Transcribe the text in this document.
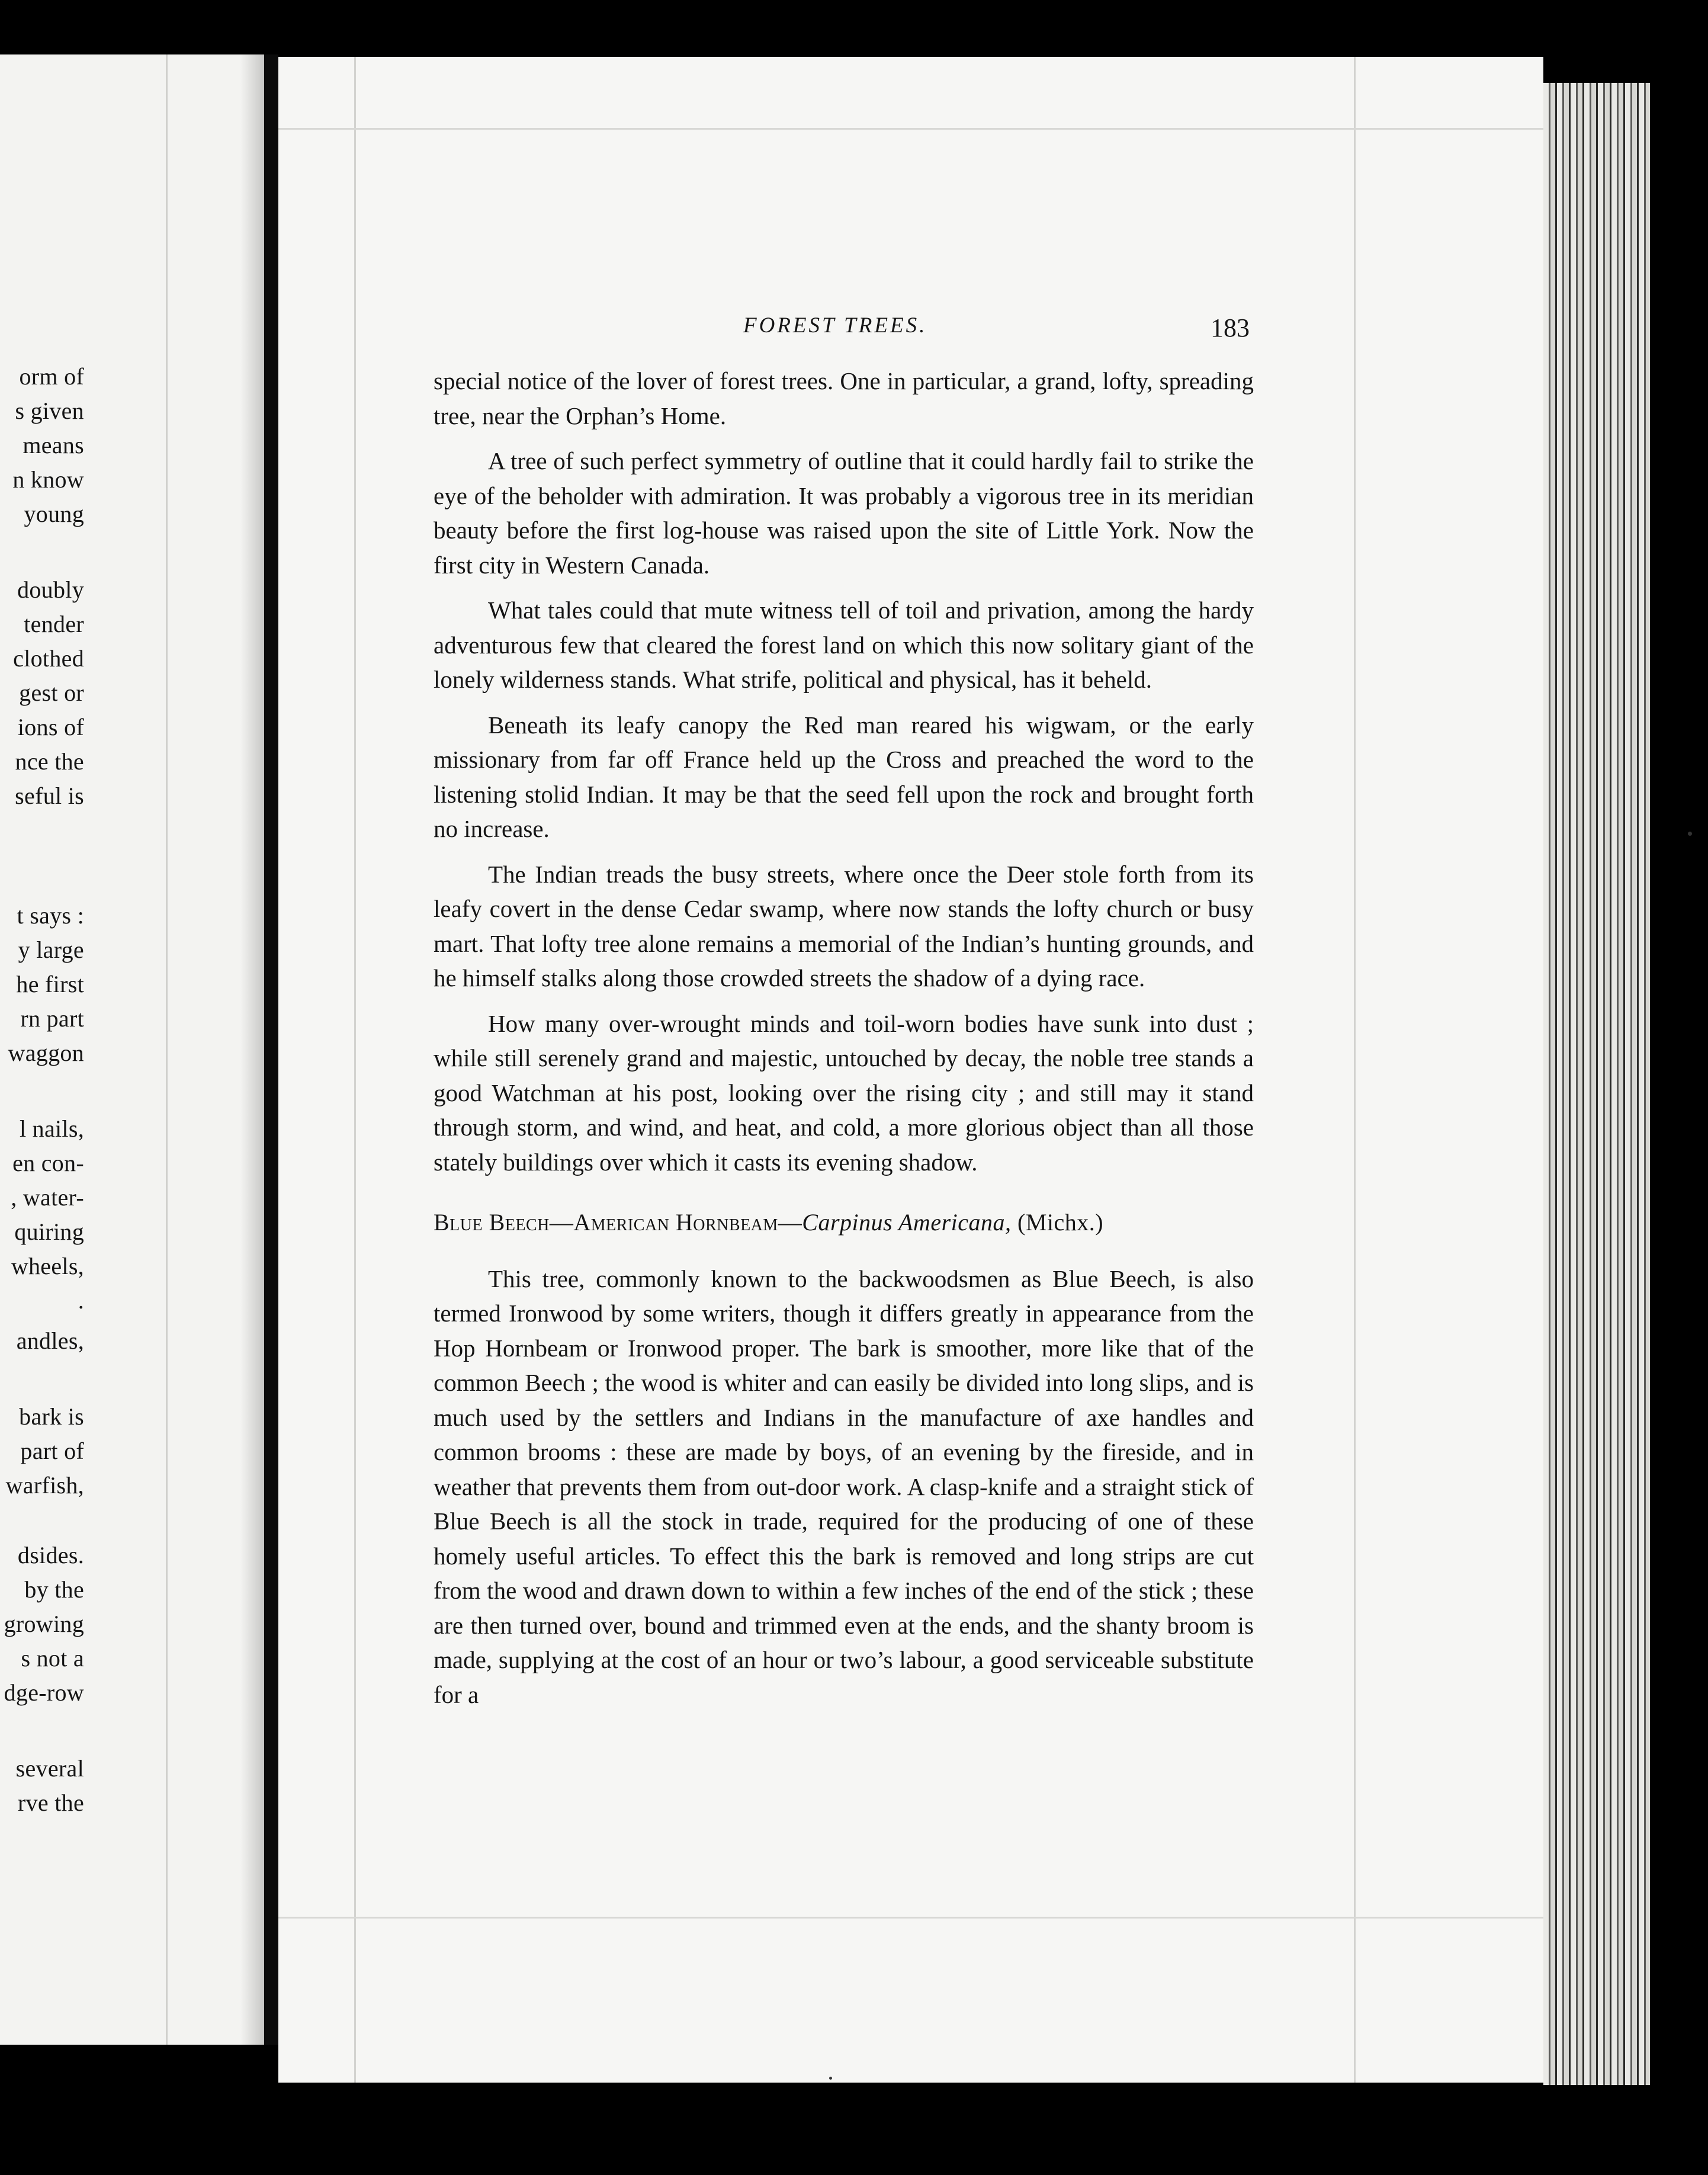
orm of
s given
means
n know
young
doubly
tender
clothed
gest or
ions of
nce the
seful is
t says :
y large
he first
rn part
waggon
l nails,
en con-
, water-
quiring
wheels,
.
andles,
bark is
part of
warfish,
dsides.
by the
growing
s not a
dge-row
several
rve the
FOREST TREES.	183

special notice of the lover of forest trees. One in particular, a grand, lofty, spreading tree, near the Orphan’s Home.

A tree of such perfect symmetry of outline that it could hardly fail to strike the eye of the beholder with admiration. It was probably a vigorous tree in its meridian beauty before the first log-house was raised upon the site of Little York. Now the first city in Western Canada.

What tales could that mute witness tell of toil and privation, among the hardy adventurous few that cleared the forest land on which this now solitary giant of the lonely wilderness stands. What strife, political and physical, has it beheld.

Beneath its leafy canopy the Red man reared his wigwam, or the early missionary from far off France held up the Cross and preached the word to the listening stolid Indian. It may be that the seed fell upon the rock and brought forth no increase.

The Indian treads the busy streets, where once the Deer stole forth from its leafy covert in the dense Cedar swamp, where now stands the lofty church or busy mart. That lofty tree alone remains a memorial of the Indian’s hunting grounds, and he himself stalks along those crowded streets the shadow of a dying race.

How many over-wrought minds and toil-worn bodies have sunk into dust ; while still serenely grand and majestic, untouched by decay, the noble tree stands a good Watchman at his post, looking over the rising city ; and still may it stand through storm, and wind, and heat, and cold, a more glorious object than all those stately buildings over which it casts its evening shadow.

Blue Beech—American Hornbeam—Carpinus Americana, (Michx.)

This tree, commonly known to the backwoodsmen as Blue Beech, is also termed Ironwood by some writers, though it differs greatly in appearance from the Hop Hornbeam or Ironwood proper. The bark is smoother, more like that of the common Beech ; the wood is whiter and can easily be divided into long slips, and is much used by the settlers and Indians in the manufacture of axe handles and common brooms : these are made by boys, of an evening by the fireside, and in weather that prevents them from out-door work. A clasp-knife and a straight stick of Blue Beech is all the stock in trade, required for the producing of one of these homely useful articles. To effect this the bark is removed and long strips are cut from the wood and drawn down to within a few inches of the end of the stick ; these are then turned over, bound and trimmed even at the ends, and the shanty broom is made, supplying at the cost of an hour or two’s labour, a good serviceable substitute for a
